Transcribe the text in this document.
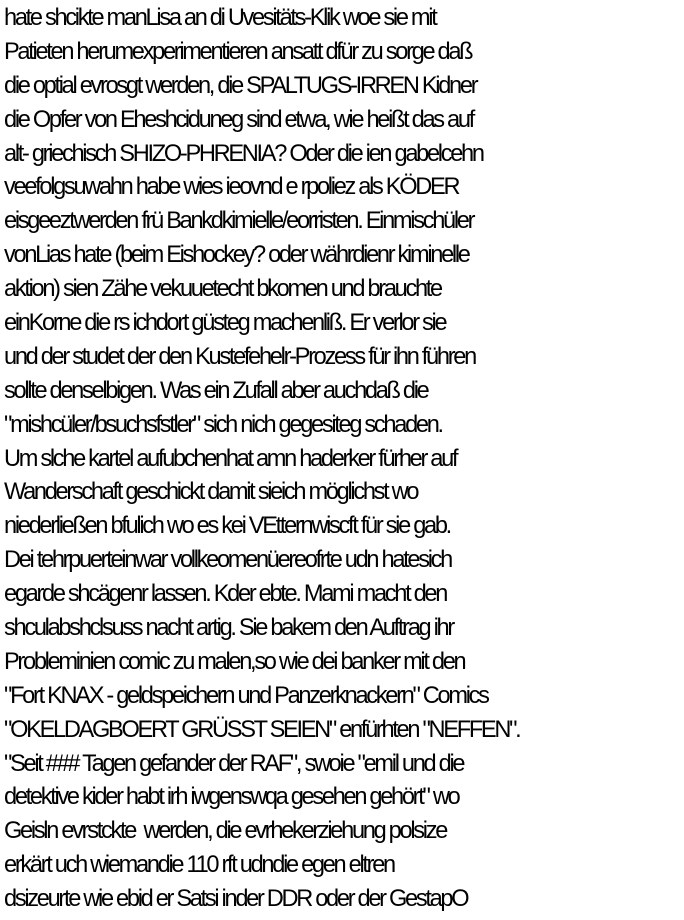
hate shcikte manLisa an di Uvesitäts-Klik woe sie mit

Patieten herumexperimentieren ansatt dfür zu sorge daß

die optial evrosgt werden, die SPALTUGS-IRREN Kidner

die Opfer von Eheshciduneg sind etwa, wie heißt das auf

alt- griechisch SHIZO-PHRENIA? Oder die ien gabelcehn

veefolgsuwahn habe wies ieovnd e rpoliez als KÖDER

eisgeeztwerden frü Bankdkimielle/eorristen. Einmischüler

vonLias hate (beim Eishockey? oder währdienr kiminelle

aktion) sien Zähe vekuuetecht bkomen und brauchte

einKorne die rs ichdort güsteg machenliß. Er verlor sie

und der studet der den Kustefehelr-Prozess für ihn führen

sollte denselbigen. Was ein Zufall aber auchdaß die

"mishcüler/bsuchsfstler" sich nich gegesiteg schaden.

Um slche kartel aufubchenhat amn haderker fürher auf

Wanderschaft geschickt damit sieich möglichst wo

niederließen bfulich wo es kei VEtternwiscft für sie gab.

Dei tehrpuerteinwar vollkeomenüereofrte udn hatesich

egarde shcägenr lassen. Kder ebte. Mami macht den

shculabshclsuss nacht artig. Sie bakem den Auftrag ihr

Probleminien comic zu malen,so wie dei banker mit den

"Fort KNAX - geldspeichern und Panzerknackern" Comics

"OKELDAGBOERT GRÜSST SEIEN" enfürhten "NEFFEN".

"Seit ### Tagen gefander der RAF", swoie "emil und die

detektive kider habt irh iwgenswqa gesehen gehört" wo

Geisln evrstckte  werden, die evrhekerziehung polsize

erkärt uch wiemandie 110 rft udndie egen eltren

dsizeurte wie ebid er Satsi inder DDR oder der GestapO
